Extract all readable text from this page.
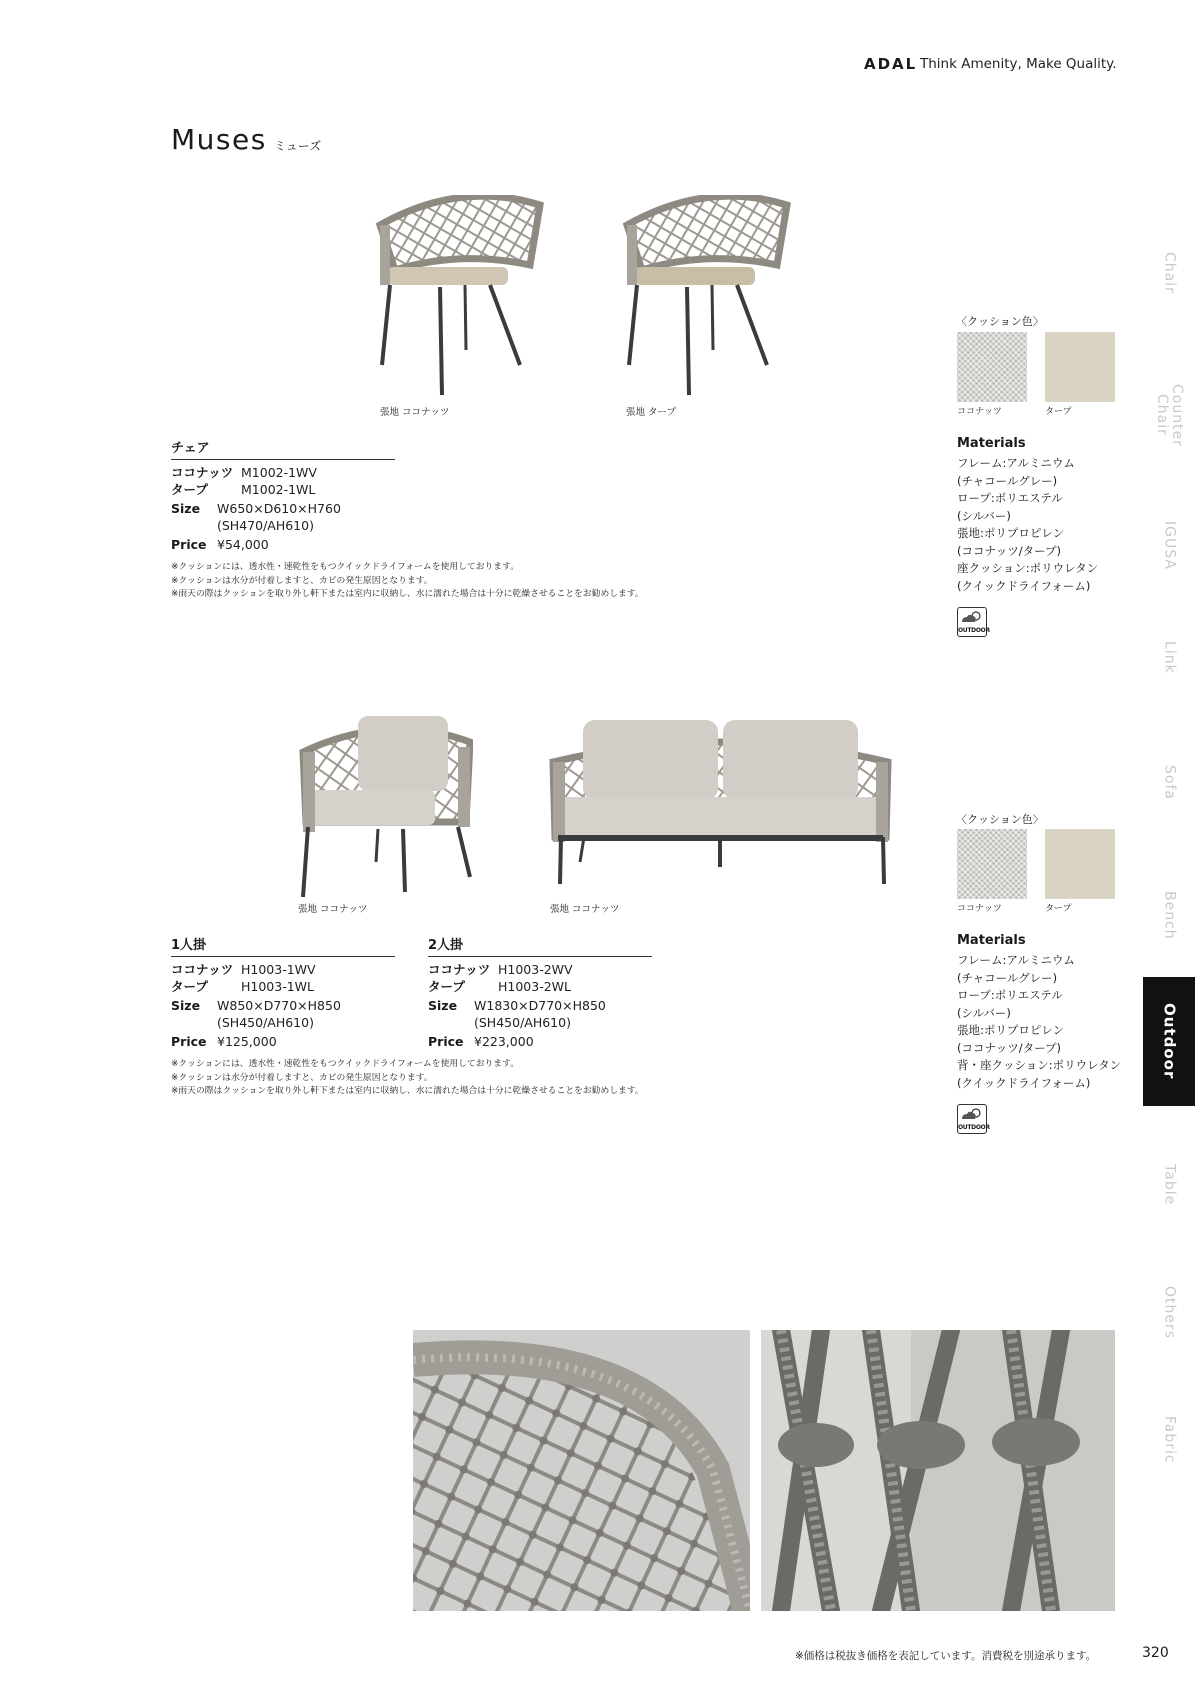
ADAL Think Amenity, Make Quality.
Muses ミューズ
張地 ココナッツ	張地 タープ
チェア
ココナッツ M1002-1WV
タープ	M1002-1WL
Size	W650×D610×H760
(SH470/AH610)
Price ¥54,000
※クッションには、透水性・速乾性をもつクイックドライフォームを使用しております。
※クッションは水分が付着しますと、カビの発生原因となります。
※雨天の際はクッションを取り外し軒下または室内に収納し、水に濡れた場合は十分に乾燥させることをお勧めします。
〈クッション色〉
ココナッツ	タープ
Materials
フレーム:アルミニウム
(チャコールグレー)
ロープ:ポリエステル
(シルバー)
張地:ポリプロピレン
(ココナッツ/タープ)
座クッション:ポリウレタン
(クイックドライフォーム)
OUTDOOR
張地 ココナッツ	張地 ココナッツ
1人掛
ココナッツ H1003-1WV
タープ	H1003-1WL
Size	W850×D770×H850
(SH450/AH610)
Price ¥125,000
2人掛
ココナッツ H1003-2WV
タープ	H1003-2WL
Size	W1830×D770×H850
(SH450/AH610)
Price ¥223,000
※クッションには、透水性・速乾性をもつクイックドライフォームを使用しております。
※クッションは水分が付着しますと、カビの発生原因となります。
※雨天の際はクッションを取り外し軒下または室内に収納し、水に濡れた場合は十分に乾燥させることをお勧めします。
〈クッション色〉
ココナッツ	タープ
Materials
フレーム:アルミニウム
(チャコールグレー)
ロープ:ポリエステル
(シルバー)
張地:ポリプロピレン
(ココナッツ/タープ)
背・座クッション:ポリウレタン
(クイックドライフォーム)
OUTDOOR
Chair
Counter
Chair
IGUSA
Link
Sofa
Bench
Outdoor
Table
Others
Fabric
※価格は税抜き価格を表記しています。消費税を別途承ります。	320
